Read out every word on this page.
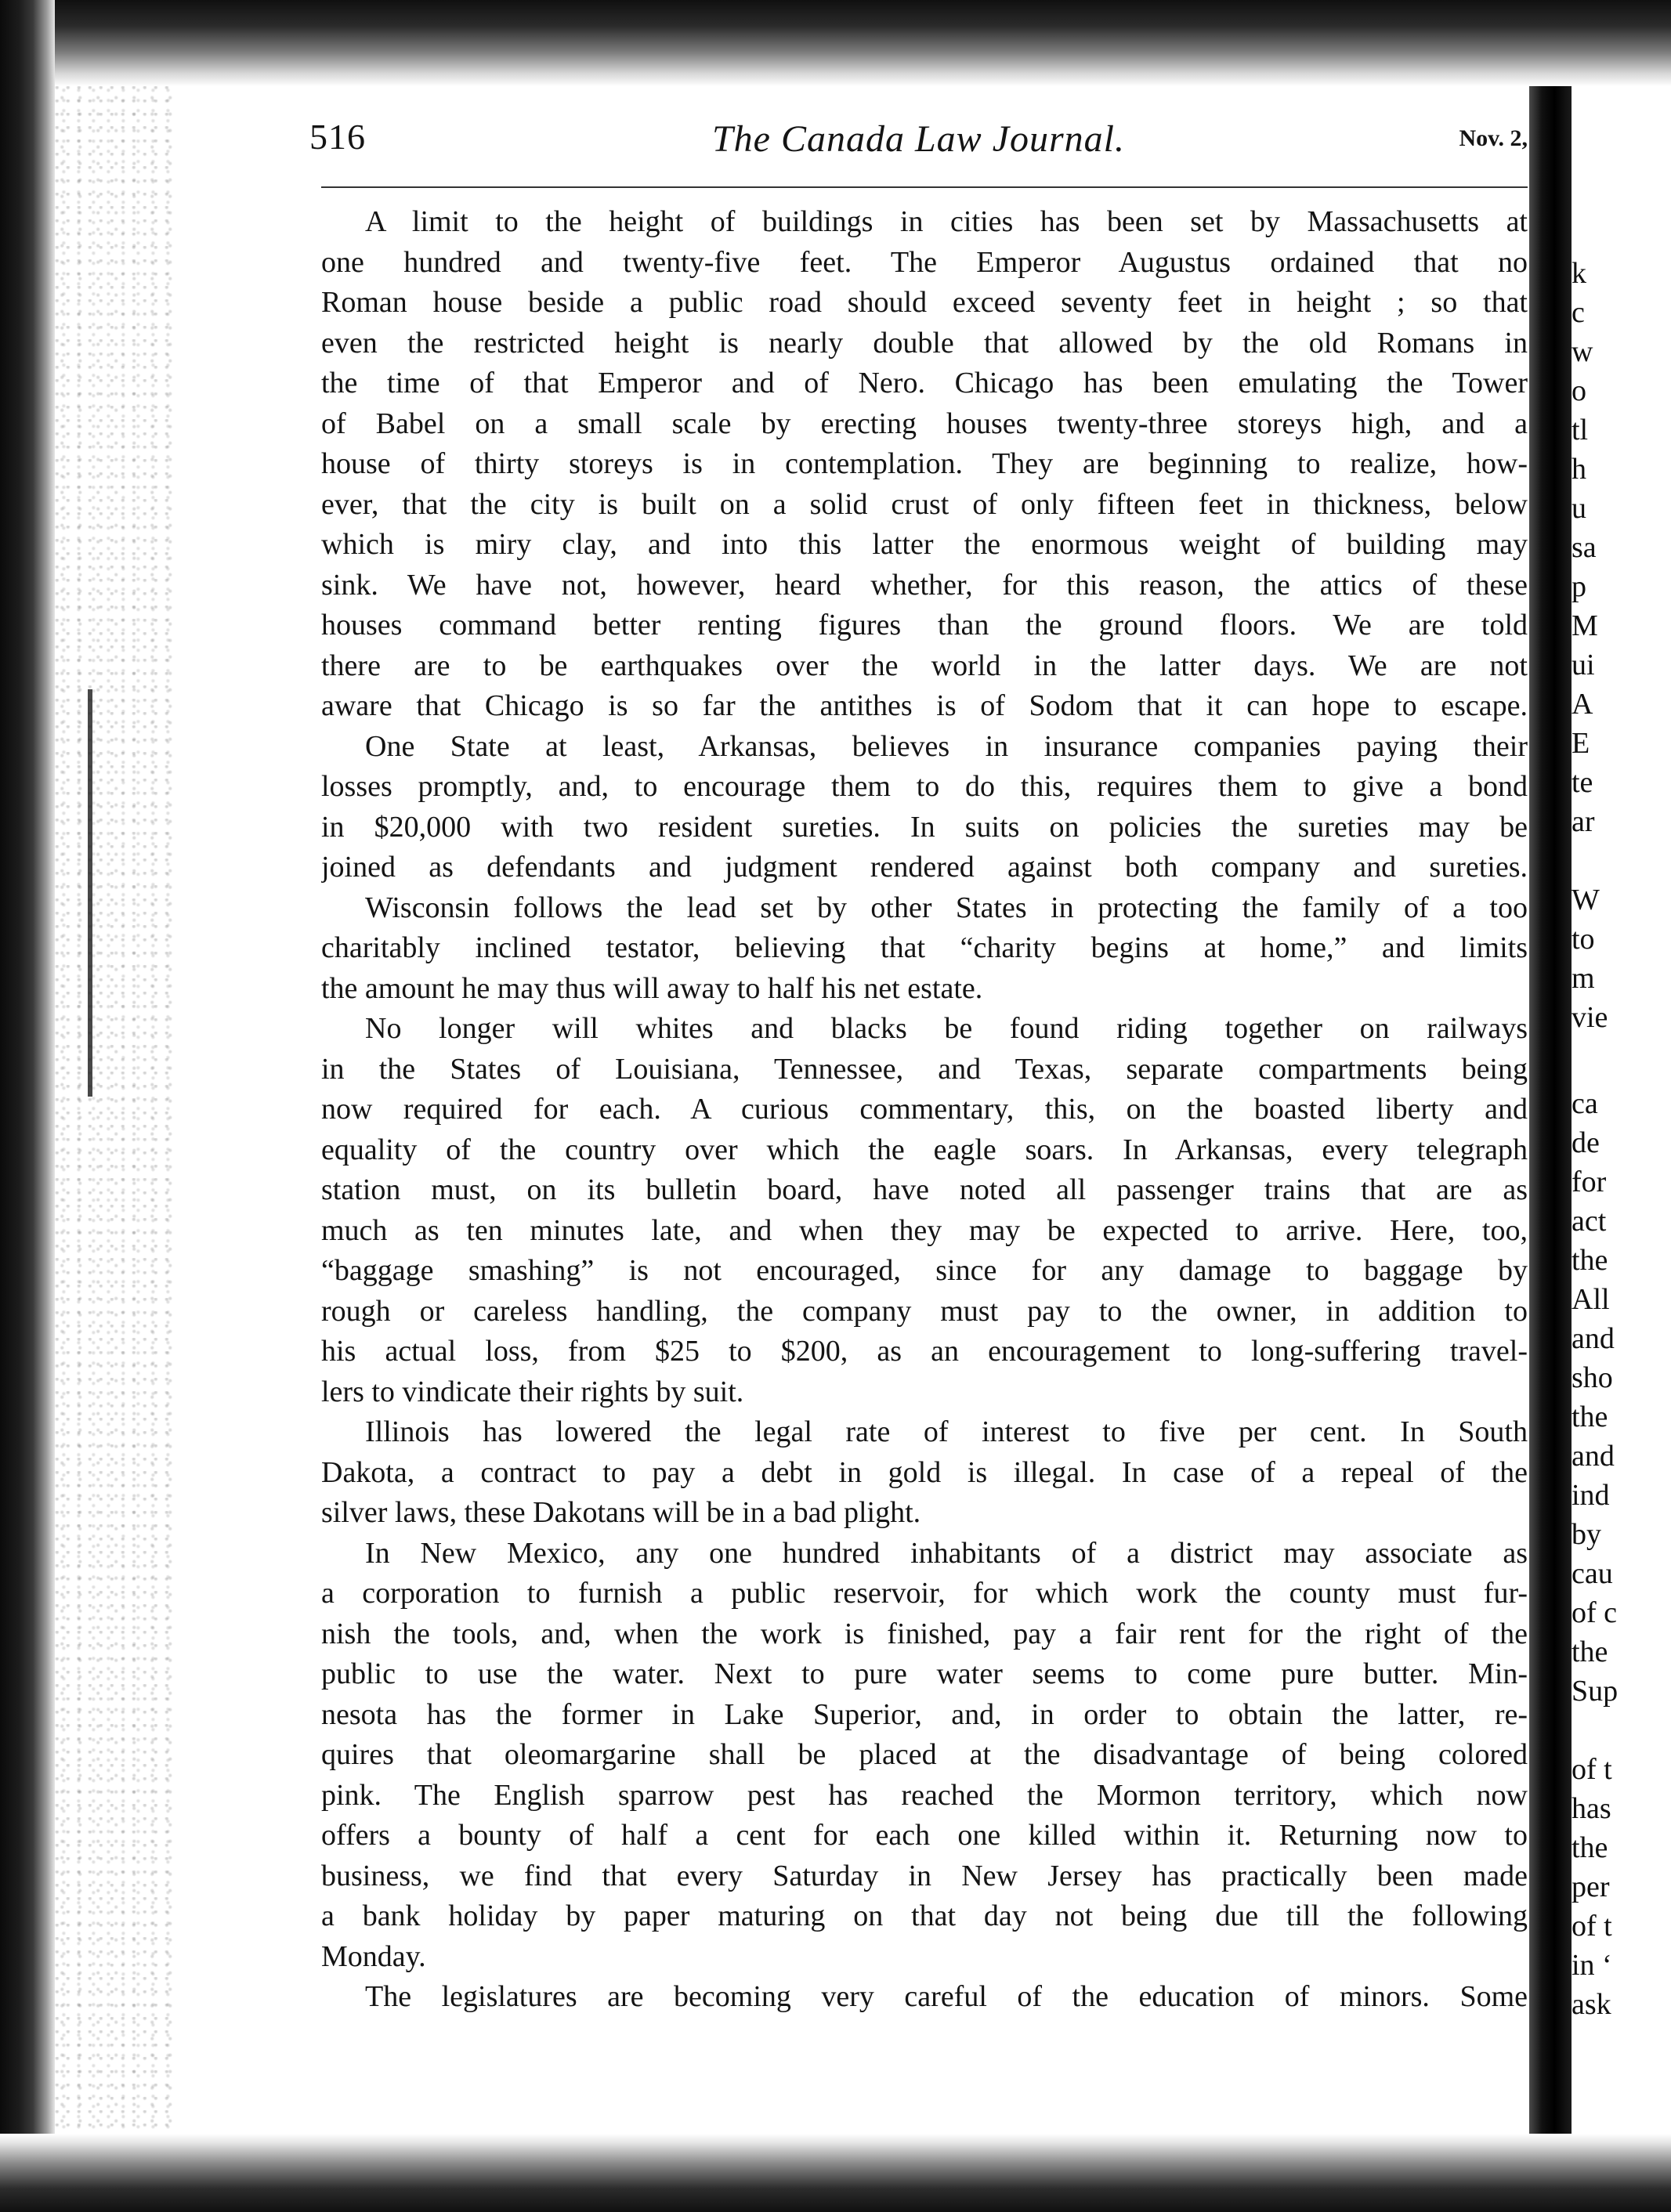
516	The Canada Law Journal.	Nov. 2,
A limit to the height of buildings in cities has been set by Massachusetts at
one hundred and twenty-five feet. The Emperor Augustus ordained that no
Roman house beside a public road should exceed seventy feet in height ; so that
even the restricted height is nearly double that allowed by the old Romans in
the time of that Emperor and of Nero. Chicago has been emulating the Tower
of Babel on a small scale by erecting houses twenty-three storeys high, and a
house of thirty storeys is in contemplation. They are beginning to realize, how-
ever, that the city is built on a solid crust of only fifteen feet in thickness, below
which is miry clay, and into this latter the enormous weight of building may
sink. We have not, however, heard whether, for this reason, the attics of these
houses command better renting figures than the ground floors. We are told
there are to be earthquakes over the world in the latter days. We are not
aware that Chicago is so far the antithes is of Sodom that it can hope to escape.
One State at least, Arkansas, believes in insurance companies paying their
losses promptly, and, to encourage them to do this, requires them to give a bond
in $20,000 with two resident sureties. In suits on policies the sureties may be
joined as defendants and judgment rendered against both company and sureties.
Wisconsin follows the lead set by other States in protecting the family of a too
charitably inclined testator, believing that “charity begins at home,” and limits
the amount he may thus will away to half his net estate.
No longer will whites and blacks be found riding together on railways
in the States of Louisiana, Tennessee, and Texas, separate compartments being
now required for each. A curious commentary, this, on the boasted liberty and
equality of the country over which the eagle soars. In Arkansas, every telegraph
station must, on its bulletin board, have noted all passenger trains that are as
much as ten minutes late, and when they may be expected to arrive. Here, too,
“baggage smashing” is not encouraged, since for any damage to baggage by
rough or careless handling, the company must pay to the owner, in addition to
his actual loss, from $25 to $200, as an encouragement to long-suffering travel-
lers to vindicate their rights by suit.
Illinois has lowered the legal rate of interest to five per cent. In South
Dakota, a contract to pay a debt in gold is illegal. In case of a repeal of the
silver laws, these Dakotans will be in a bad plight.
In New Mexico, any one hundred inhabitants of a district may associate as
a corporation to furnish a public reservoir, for which work the county must fur-
nish the tools, and, when the work is finished, pay a fair rent for the right of the
public to use the water. Next to pure water seems to come pure butter. Min-
nesota has the former in Lake Superior, and, in order to obtain the latter, re-
quires that oleomargarine shall be placed at the disadvantage of being colored
pink. The English sparrow pest has reached the Mormon territory, which now
offers a bounty of half a cent for each one killed within it. Returning now to
business, we find that every Saturday in New Jersey has practically been made
a bank holiday by paper maturing on that day not being due till the following
Monday.
The legislatures are becoming very careful of the education of minors. Some
k
c
w
o
tl
h
u
sa
p
M
ui
A
E
te
ar
W
to
m
vie
ca
de
for
act
the
All
and
sho
the
and
ind
by
cau
of c
the
Sup
of t
has
the
per
of t
in ‘
ask
